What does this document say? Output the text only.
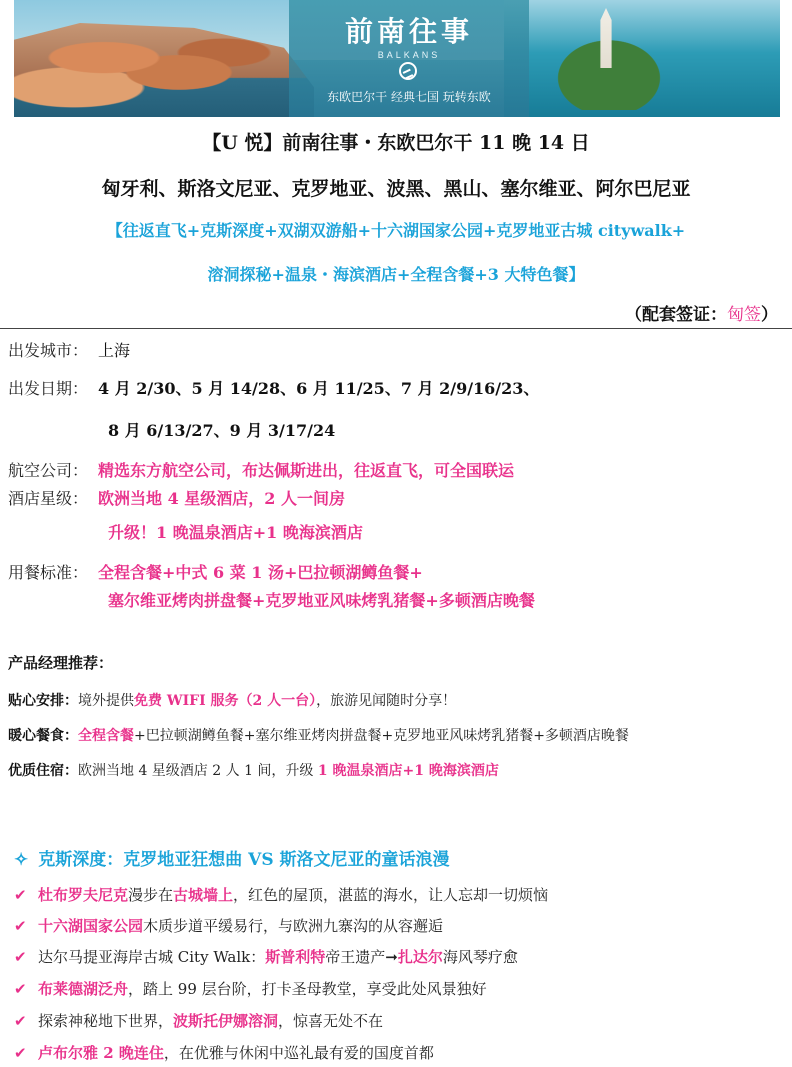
前南往事
BALKANS
东欧巴尔干 经典七国 玩转东欧
【U 悦】前南往事・东欧巴尔干 11 晚 14 日
匈牙利、斯洛文尼亚、克罗地亚、波黑、黑山、塞尔维亚、阿尔巴尼亚
【往返直飞+克斯深度+双湖双游船+十六湖国家公园+克罗地亚古城 citywalk+
溶洞探秘+温泉・海滨酒店+全程含餐+3 大特色餐】
（配套签证：匈签）
出发城市： 上海
出发日期： 4 月 2/30、5 月 14/28、6 月 11/25、7 月 2/9/16/23、
8 月 6/13/27、9 月 3/17/24
航空公司： 精选东方航空公司，布达佩斯进出，往返直飞，可全国联运
酒店星级： 欧洲当地 4 星级酒店，2 人一间房
升级！1 晚温泉酒店+1 晚海滨酒店
用餐标准： 全程含餐+中式 6 菜 1 汤+巴拉顿湖鳟鱼餐+
塞尔维亚烤肉拼盘餐+克罗地亚风味烤乳猪餐+多顿酒店晚餐
产品经理推荐：
贴心安排：境外提供免费 WIFI 服务（2 人一台），旅游见闻随时分享！
暖心餐食：全程含餐+巴拉顿湖鳟鱼餐+塞尔维亚烤肉拼盘餐+克罗地亚风味烤乳猪餐+多顿酒店晚餐
优质住宿：欧洲当地 4 星级酒店 2 人 1 间，升级 1 晚温泉酒店+1 晚海滨酒店
✧ 克斯深度：克罗地亚狂想曲 VS 斯洛文尼亚的童话浪漫
✔ 杜布罗夫尼克漫步在古城墙上，红色的屋顶，湛蓝的海水，让人忘却一切烦恼
✔ 十六湖国家公园木质步道平缓易行，与欧洲九寨沟的从容邂逅
✔ 达尔马提亚海岸古城 City Walk：斯普利特帝王遗产➞扎达尔海风琴疗愈
✔ 布莱德湖泛舟，踏上 99 层台阶，打卡圣母教堂，享受此处风景独好
✔ 探索神秘地下世界，波斯托伊娜溶洞，惊喜无处不在
✔ 卢布尔雅 2 晚连住，在优雅与休闲中巡礼最有爱的国度首都
